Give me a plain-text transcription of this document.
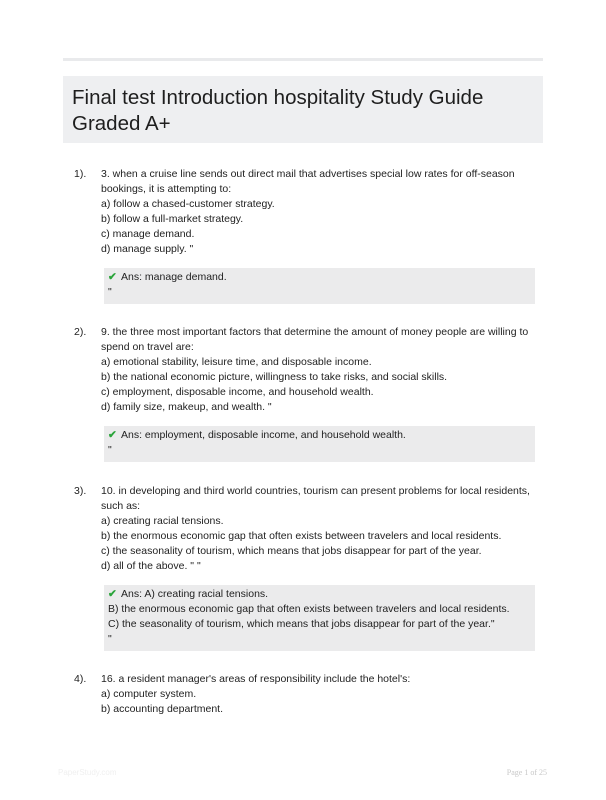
Final test Introduction hospitality Study Guide
Graded A+
1). 3. when a cruise line sends out direct mail that advertises special low rates for off-season bookings, it is attempting to:
a) follow a chased-customer strategy.
b) follow a full-market strategy.
c) manage demand.
d) manage supply. "
✔ Ans: manage demand.
"
2). 9. the three most important factors that determine the amount of money people are willing to spend on travel are:
a) emotional stability, leisure time, and disposable income.
b) the national economic picture, willingness to take risks, and social skills.
c) employment, disposable income, and household wealth.
d) family size, makeup, and wealth. "
✔ Ans: employment, disposable income, and household wealth.
"
3). 10. in developing and third world countries, tourism can present problems for local residents, such as:
a) creating racial tensions.
b) the enormous economic gap that often exists between travelers and local residents.
c) the seasonality of tourism, which means that jobs disappear for part of the year.
d) all of the above. " "
✔ Ans: A) creating racial tensions.
B) the enormous economic gap that often exists between travelers and local residents.
C) the seasonality of tourism, which means that jobs disappear for part of the year."
"
4). 16. a resident manager's areas of responsibility include the hotel's:
a) computer system.
b) accounting department.
PaperStudy.com	Page 1 of 25
